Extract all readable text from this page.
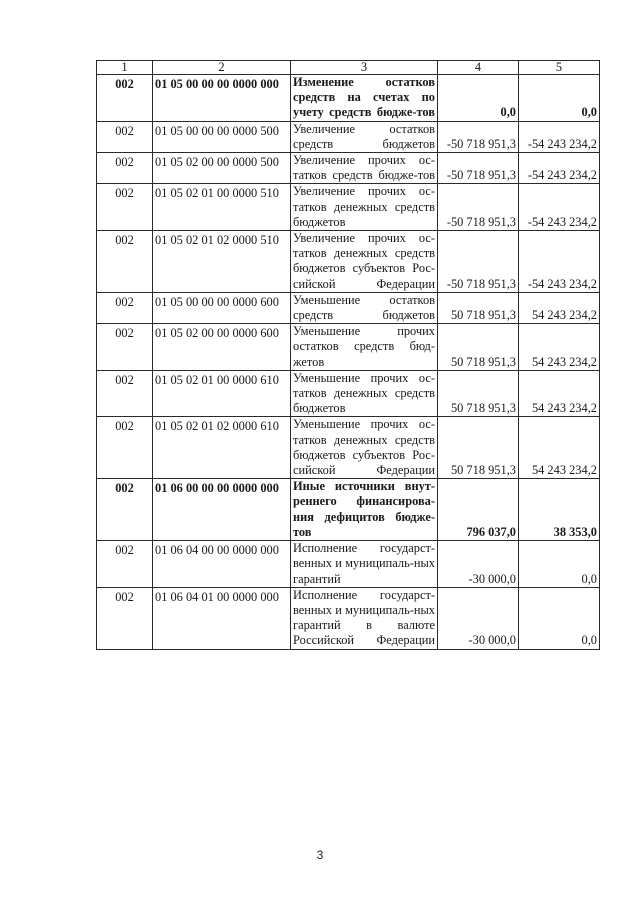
1	2	3	4	5
002	01 05 00 00 00 0000 000	Изменение остатков средств на счетах по учету средств бюдже-тов	0,0	0,0
002	01 05 00 00 00 0000 500	Увеличение остатков средств бюджетов	-50 718 951,3	-54 243 234,2
002	01 05 02 00 00 0000 500	Увеличение прочих ос-татков средств бюдже-тов	-50 718 951,3	-54 243 234,2
002	01 05 02 01 00 0000 510	Увеличение прочих ос-татков денежных средств бюджетов	-50 718 951,3	-54 243 234,2
002	01 05 02 01 02 0000 510	Увеличение прочих ос-татков денежных средств бюджетов субъектов Рос-сийской Федерации	-50 718 951,3	-54 243 234,2
002	01 05 00 00 00 0000 600	Уменьшение остатков средств бюджетов	50 718 951,3	54 243 234,2
002	01 05 02 00 00 0000 600	Уменьшение прочих остатков средств бюд-жетов	50 718 951,3	54 243 234,2
002	01 05 02 01 00 0000 610	Уменьшение прочих ос-татков денежных средств бюджетов	50 718 951,3	54 243 234,2
002	01 05 02 01 02 0000 610	Уменьшение прочих ос-татков денежных средств бюджетов субъектов Рос-сийской Федерации	50 718 951,3	54 243 234,2
002	01 06 00 00 00 0000 000	Иные источники внут-реннего финансирова-ния дефицитов бюдже-тов	796 037,0	38 353,0
002	01 06 04 00 00 0000 000	Исполнение государст-венных и муниципаль-ных гарантий	-30 000,0	0,0
002	01 06 04 01 00 0000 000	Исполнение государст-венных и муниципаль-ных гарантий в валюте Российской Федерации	-30 000,0	0,0
3
